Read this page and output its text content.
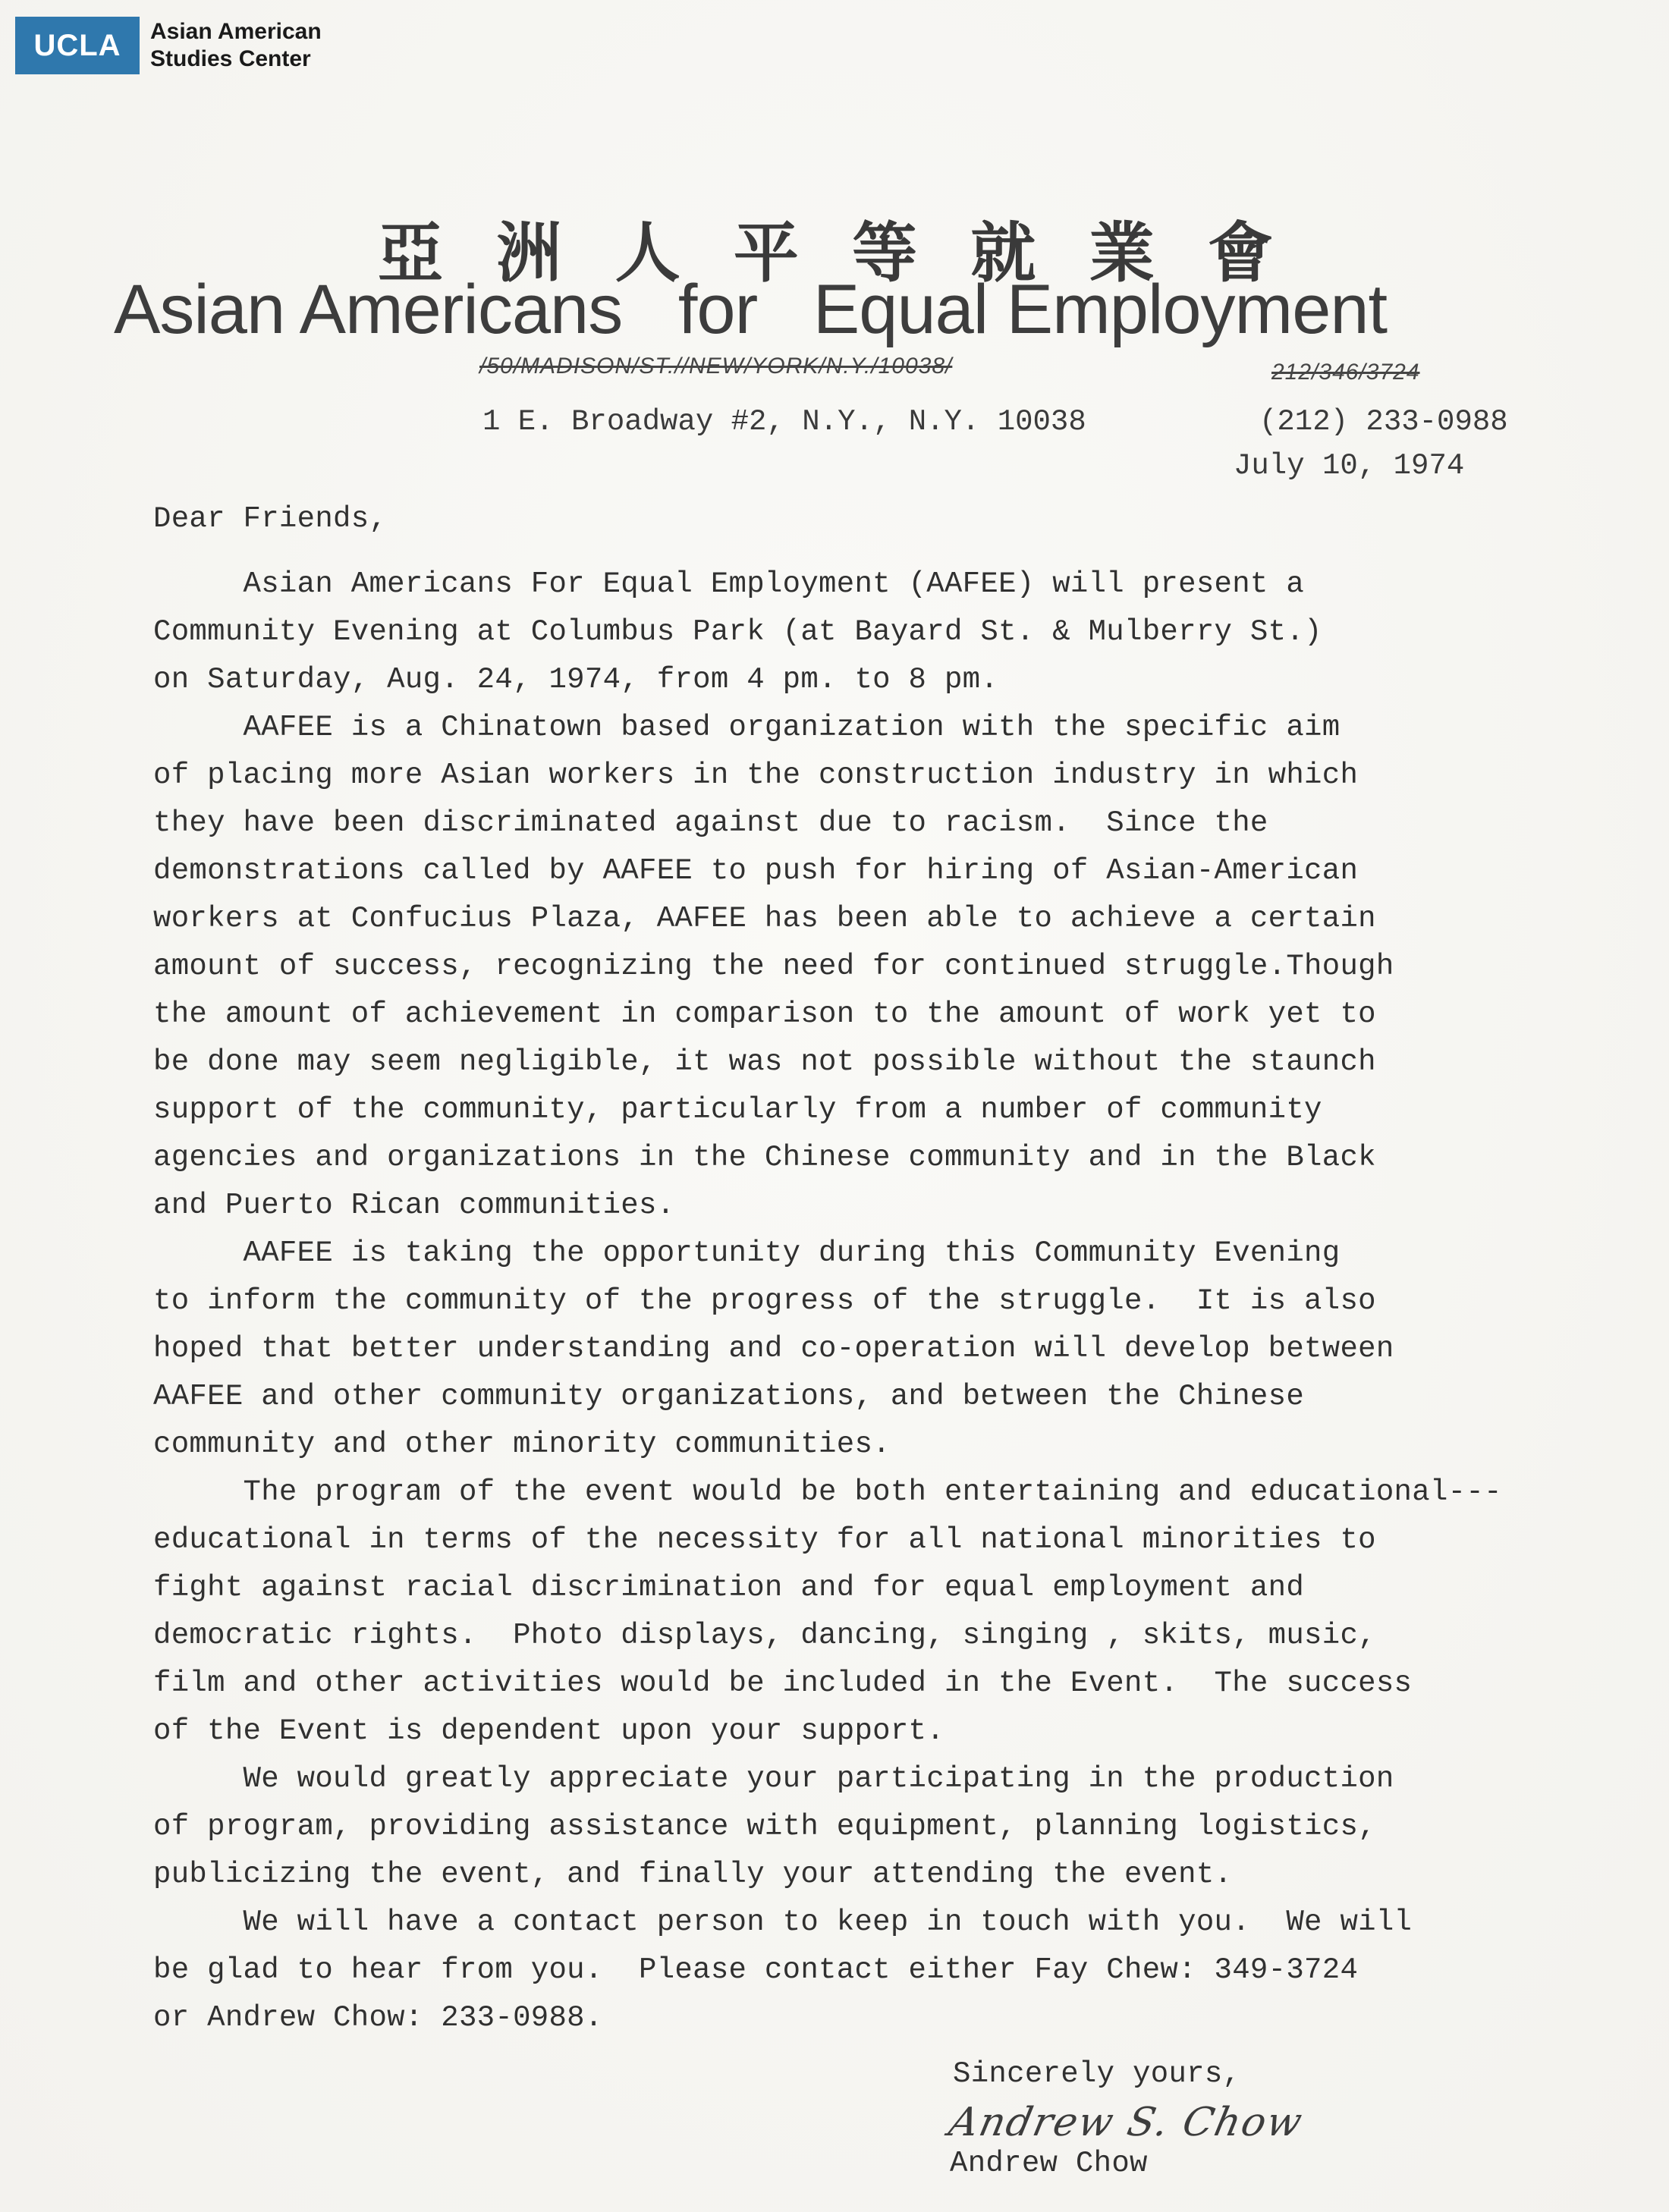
UCLA Asian American
Studies Center
亞 洲 人 平 等 就 業 會
Asian Americans   for   Equal Employment
/50/MADISON/ST.//NEW/YORK/N.Y./10038/	212/346/3724
1 E. Broadway #2, N.Y., N.Y. 10038	(212) 233-0988
July 10, 1974
Dear Friends,
Asian Americans For Equal Employment (AAFEE) will present a
Community Evening at Columbus Park (at Bayard St. & Mulberry St.)
on Saturday, Aug. 24, 1974, from 4 pm. to 8 pm.
AAFEE is a Chinatown based organization with the specific aim
of placing more Asian workers in the construction industry in which
they have been discriminated against due to racism.  Since the
demonstrations called by AAFEE to push for hiring of Asian-American
workers at Confucius Plaza, AAFEE has been able to achieve a certain
amount of success, recognizing the need for continued struggle.Though
the amount of achievement in comparison to the amount of work yet to
be done may seem negligible, it was not possible without the staunch
support of the community, particularly from a number of community
agencies and organizations in the Chinese community and in the Black
and Puerto Rican communities.
AAFEE is taking the opportunity during this Community Evening
to inform the community of the progress of the struggle.  It is also
hoped that better understanding and co-operation will develop between
AAFEE and other community organizations, and between the Chinese
community and other minority communities.
The program of the event would be both entertaining and educational---
educational in terms of the necessity for all national minorities to
fight against racial discrimination and for equal employment and
democratic rights.  Photo displays, dancing, singing , skits, music,
film and other activities would be included in the Event.  The success
of the Event is dependent upon your support.
We would greatly appreciate your participating in the production
of program, providing assistance with equipment, planning logistics,
publicizing the event, and finally your attending the event.
We will have a contact person to keep in touch with you.  We will
be glad to hear from you.  Please contact either Fay Chew: 349-3724
or Andrew Chow: 233-0988.
Sincerely yours,
Andrew S. Chow
Andrew Chow
